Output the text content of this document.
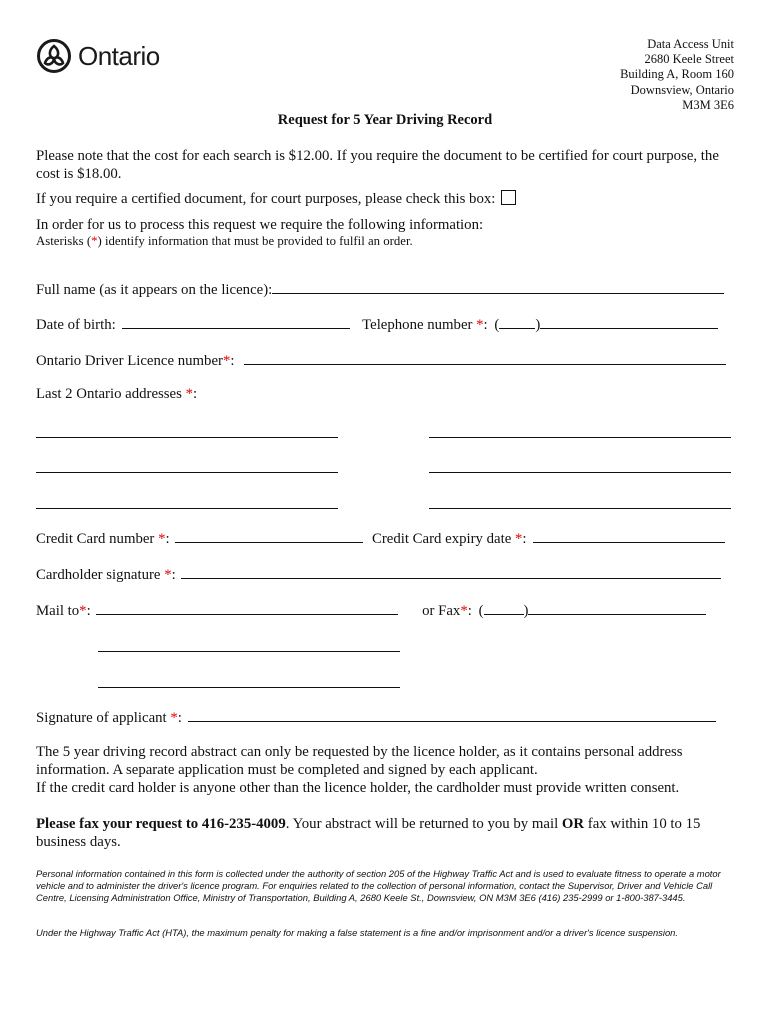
Ontario	Data Access Unit
2680 Keele Street
Building A, Room 160
Downsview, Ontario
M3M 3E6
Request for 5 Year Driving Record
Please note that the cost for each search is $12.00. If you require the document to be certified for court purpose, the cost is $18.00.
If you require a certified document, for court purposes, please check this box:
In order for us to process this request we require the following information:
Asterisks (*) identify information that must be provided to fulfil an order.
Full name (as it appears on the licence):
Date of birth:	Telephone number *: ( )
Ontario Driver Licence number*:
Last 2 Ontario addresses *:
Credit Card number *:	Credit Card expiry date *:
Cardholder signature *:
Mail to*:	or Fax*: (	)
Signature of applicant *:
The 5 year driving record abstract can only be requested by the licence holder, as it contains personal address information. A separate application must be completed and signed by each applicant.
If the credit card holder is anyone other than the licence holder, the cardholder must provide written consent.
Please fax your request to 416-235-4009. Your abstract will be returned to you by mail OR fax within 10 to 15 business days.
Personal information contained in this form is collected under the authority of section 205 of the Highway Traffic Act and is used to evaluate fitness to operate a motor vehicle and to administer the driver's licence program. For enquiries related to the collection of personal information, contact the Supervisor, Driver and Vehicle Call Centre, Licensing Administration Office, Ministry of Transportation, Building A, 2680 Keele St., Downsview, ON M3M 3E6 (416) 235-2999 or 1-800-387-3445.
Under the Highway Traffic Act (HTA), the maximum penalty for making a false statement is a fine and/or imprisonment and/or a driver's licence suspension.
